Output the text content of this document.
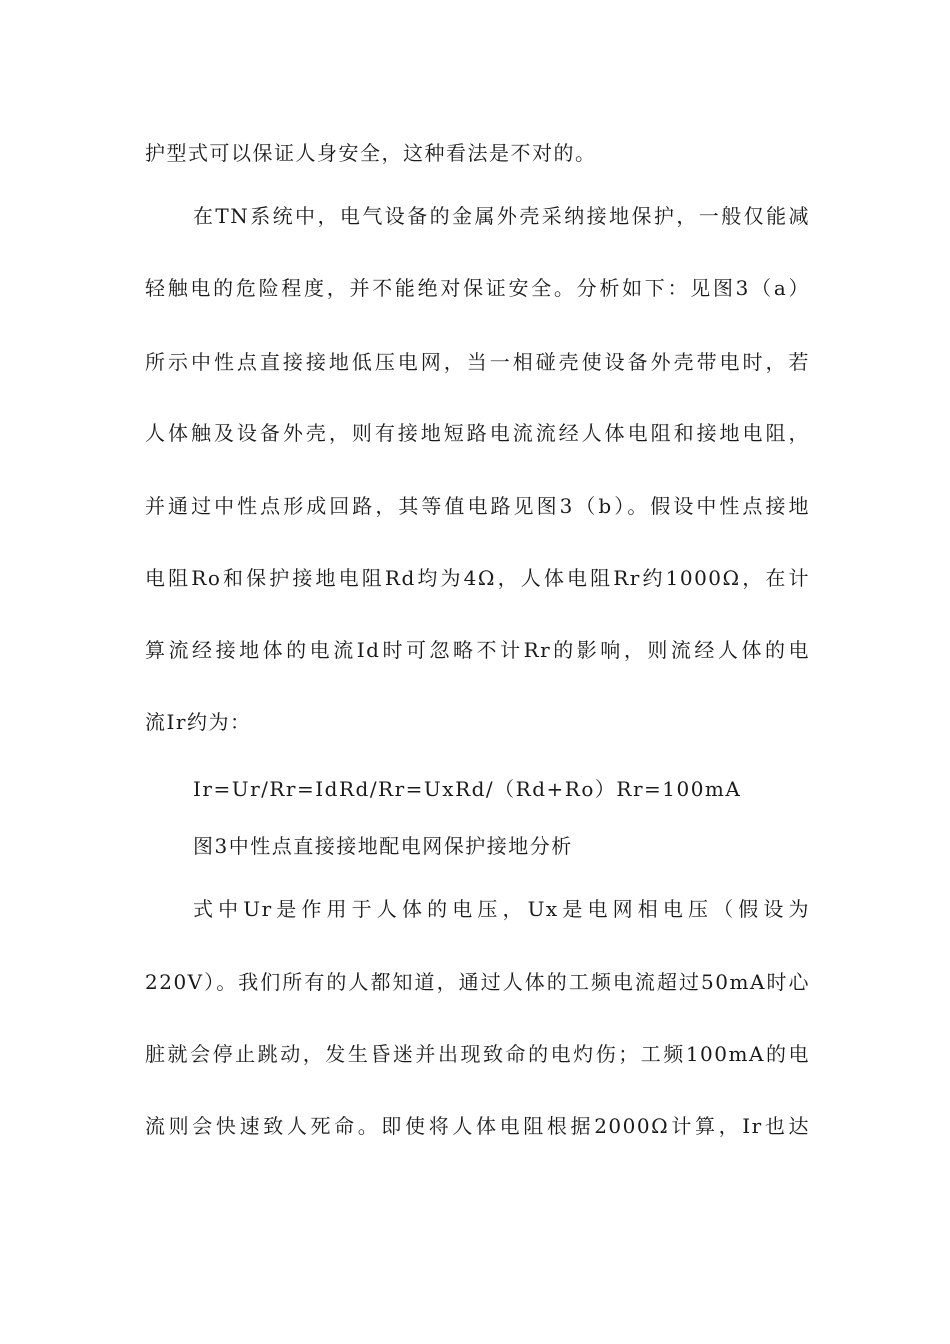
护型式可以保证人身安全，这种看法是不对的。
在TN系统中，电气设备的金属外壳采纳接地保护，一般仅能减
轻触电的危险程度，并不能绝对保证安全。分析如下：见图3（a）
所示中性点直接接地低压电网，当一相碰壳使设备外壳带电时，若
人体触及设备外壳，则有接地短路电流流经人体电阻和接地电阻，
并通过中性点形成回路，其等值电路见图3（b）。假设中性点接地
电阻Ro和保护接地电阻Rd均为4Ω，人体电阻Rr约1000Ω，在计
算流经接地体的电流Id时可忽略不计Rr的影响，则流经人体的电
流Ir约为：
Ir=Ur/Rr=IdRd/Rr=UxRd/（Rd+Ro）Rr=100mA
图3中性点直接接地配电网保护接地分析
式中Ur是作用于人体的电压，Ux是电网相电压（假设为
220V）。我们所有的人都知道，通过人体的工频电流超过50mA时心
脏就会停止跳动，发生昏迷并出现致命的电灼伤；工频100mA的电
流则会快速致人死命。即使将人体电阻根据2000Ω计算，Ir也达
